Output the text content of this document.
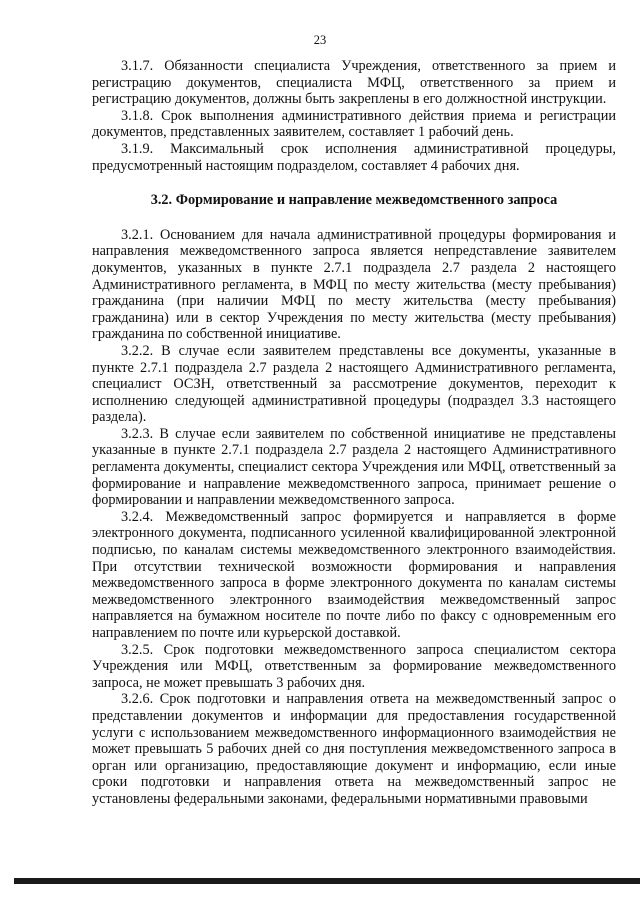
23

3.1.7. Обязанности специалиста Учреждения, ответственного за прием и регистрацию документов, специалиста МФЦ, ответственного за прием и регистрацию документов, должны быть закреплены в его должностной инструкции.

3.1.8. Срок выполнения административного действия приема и регистрации документов, представленных заявителем, составляет 1 рабочий день.

3.1.9. Максимальный срок исполнения административной процедуры, предусмотренный настоящим подразделом, составляет 4 рабочих дня.

3.2. Формирование и направление межведомственного запроса

3.2.1. Основанием для начала административной процедуры формирования и направления межведомственного запроса является непредставление заявителем документов, указанных в пункте 2.7.1 подраздела 2.7 раздела 2 настоящего Административного регламента, в МФЦ по месту жительства (месту пребывания) гражданина (при наличии МФЦ по месту жительства (месту пребывания) гражданина) или в сектор Учреждения по месту жительства (месту пребывания) гражданина по собственной инициативе.

3.2.2. В случае если заявителем представлены все документы, указанные в пункте 2.7.1 подраздела 2.7 раздела 2 настоящего Административного регламента, специалист ОСЗН, ответственный за рассмотрение документов, переходит к исполнению следующей административной процедуры (подраздел 3.3 настоящего раздела).

3.2.3. В случае если заявителем по собственной инициативе не представлены указанные в пункте 2.7.1 подраздела 2.7 раздела 2 настоящего Административного регламента документы, специалист сектора Учреждения или МФЦ, ответственный за формирование и направление межведомственного запроса, принимает решение о формировании и направлении межведомственного запроса.

3.2.4. Межведомственный запрос формируется и направляется в форме электронного документа, подписанного усиленной квалифицированной электронной подписью, по каналам системы межведомственного электронного взаимодействия. При отсутствии технической возможности формирования и направления межведомственного запроса в форме электронного документа по каналам системы межведомственного электронного взаимодействия межведомственный запрос направляется на бумажном носителе по почте либо по факсу с одновременным его направлением по почте или курьерской доставкой.

3.2.5. Срок подготовки межведомственного запроса специалистом сектора Учреждения или МФЦ, ответственным за формирование межведомственного запроса, не может превышать 3 рабочих дня.

3.2.6. Срок подготовки и направления ответа на межведомственный запрос о представлении документов и информации для предоставления государственной услуги с использованием межведомственного информационного взаимодействия не может превышать 5 рабочих дней со дня поступления межведомственного запроса в орган или организацию, предоставляющие документ и информацию, если иные сроки подготовки и направления ответа на межведомственный запрос не установлены федеральными законами, федеральными нормативными правовыми
